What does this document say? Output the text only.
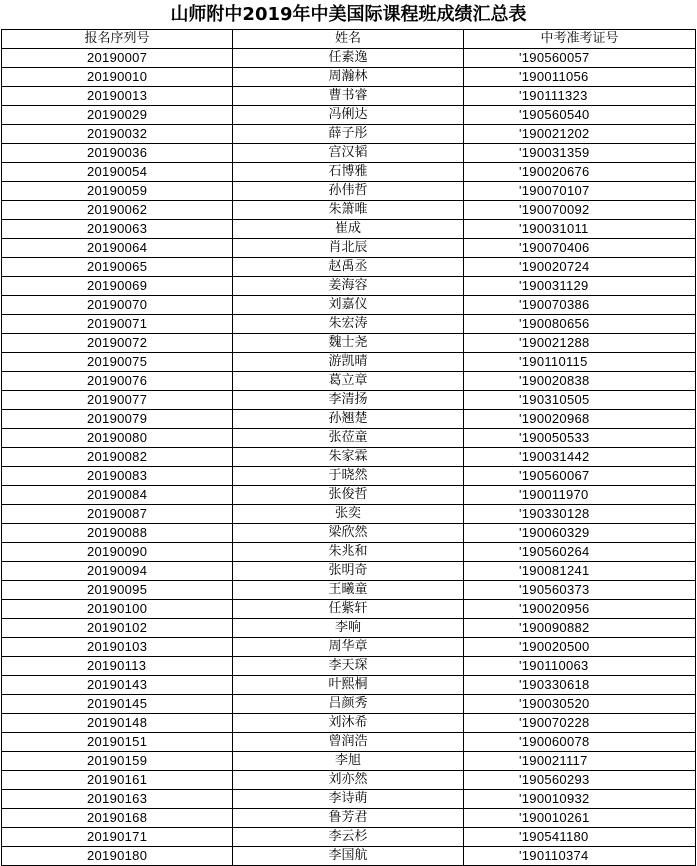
山师附中2019年中美国际课程班成绩汇总表
报名序列号	姓名	中考准考证号
20190007	任素逸	'190560057
20190010	周瀚林	'190011056
20190013	曹书睿	'190111323
20190029	冯俐达	'190560540
20190032	薛子彤	'190021202
20190036	宫汉韬	'190031359
20190054	石博雅	'190020676
20190059	孙伟哲	'190070107
20190062	朱箫唯	'190070092
20190063	崔成	'190031011
20190064	肖北辰	'190070406
20190065	赵禹丞	'190020724
20190069	姜海容	'190031129
20190070	刘嘉仪	'190070386
20190071	朱宏涛	'190080656
20190072	魏士尧	'190021288
20190075	游凯晴	'190110115
20190076	葛立章	'190020838
20190077	李清扬	'190310505
20190079	孙翘楚	'190020968
20190080	张莅童	'190050533
20190082	朱家霖	'190031442
20190083	于晓然	'190560067
20190084	张俊哲	'190011970
20190087	张奕	'190330128
20190088	梁欣然	'190060329
20190090	朱兆和	'190560264
20190094	张明奇	'190081241
20190095	王曦童	'190560373
20190100	任紫轩	'190020956
20190102	李响	'190090882
20190103	周华章	'190020500
20190113	李天琛	'190110063
20190143	叶熙桐	'190330618
20190145	吕颜秀	'190030520
20190148	刘沐希	'190070228
20190151	曾润浩	'190060078
20190159	李旭	'190021117
20190161	刘亦然	'190560293
20190163	李诗萌	'190010932
20190168	鲁芳君	'190010261
20190171	李云杉	'190541180
20190180	李国航	'190110374
